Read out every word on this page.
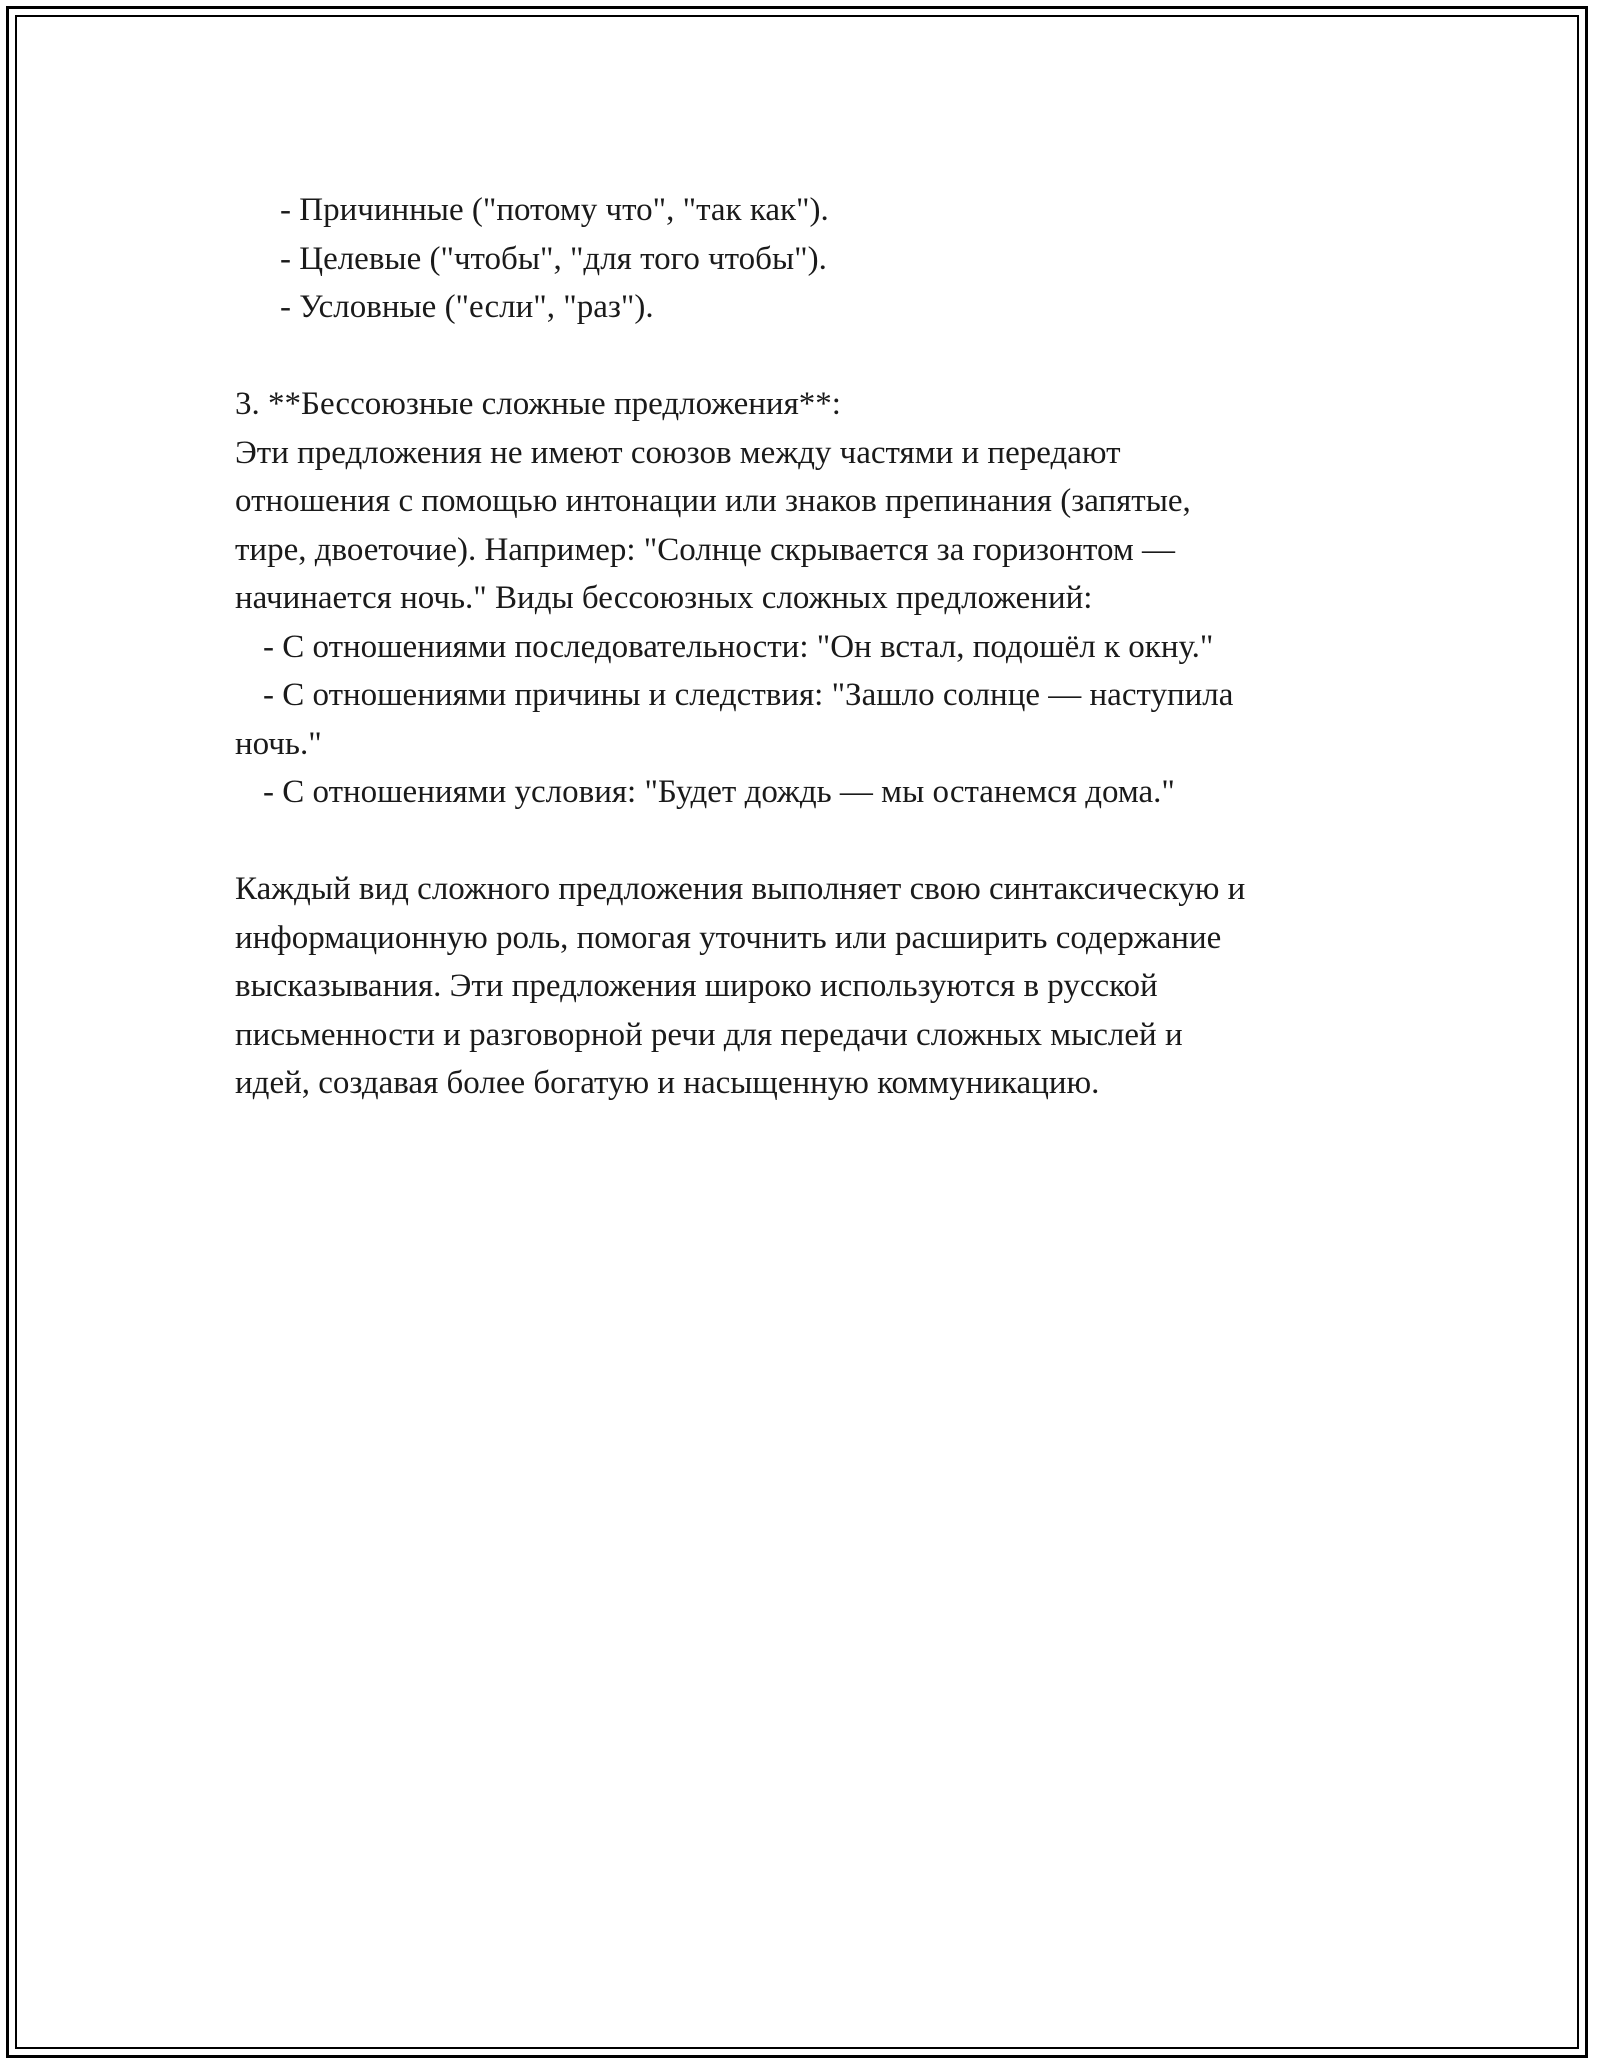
- Причинные ("потому что", "так как").
- Целевые ("чтобы", "для того чтобы").
- Условные ("если", "раз").
3. **Бессоюзные сложные предложения**:
Эти предложения не имеют союзов между частями и передают
отношения с помощью интонации или знаков препинания (запятые,
тире, двоеточие). Например: "Солнце скрывается за горизонтом —
начинается ночь." Виды бессоюзных сложных предложений:
- С отношениями последовательности: "Он встал, подошёл к окну."
- С отношениями причины и следствия: "Зашло солнце — наступила
ночь."
- С отношениями условия: "Будет дождь — мы останемся дома."
Каждый вид сложного предложения выполняет свою синтаксическую и
информационную роль, помогая уточнить или расширить содержание
высказывания. Эти предложения широко используются в русской
письменности и разговорной речи для передачи сложных мыслей и
идей, создавая более богатую и насыщенную коммуникацию.
